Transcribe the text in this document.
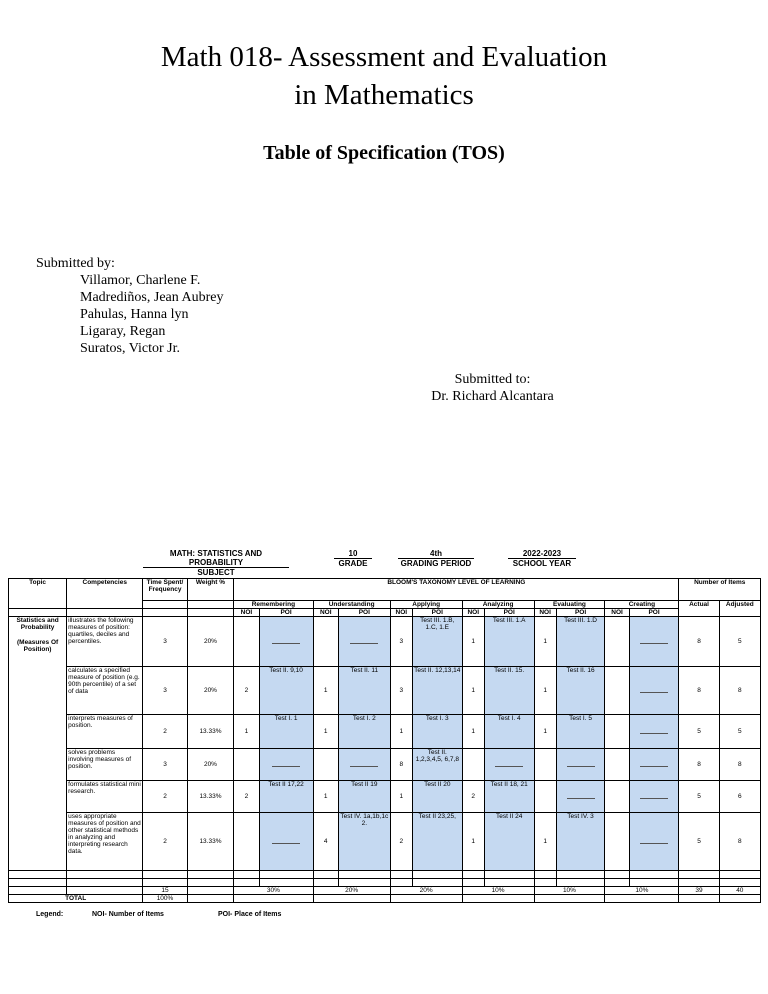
Math 018- Assessment and Evaluation
in Mathematics
Table of Specification (TOS)
Submitted by:
Villamor, Charlene F.
Madrediños, Jean Aubrey
Pahulas, Hanna lyn
Ligaray, Regan
Suratos, Victor Jr.
Submitted to:
Dr. Richard Alcantara
MATH: STATISTICS AND PROBABILITY
SUBJECT
10
GRADE
4th
GRADING PERIOD
2022-2023
SCHOOL YEAR
Topic	Competencies	Time Spent/ Frequency	Weight %	BLOOM'S TAXONOMY LEVEL OF LEARNING												Number of Items	
				Remembering		Understanding		Applying		Analyzing		Evaluating		Creating		Actual	Adjusted
				NOI	POI	NOI	POI	NOI	POI	NOI	POI	NOI	POI	NOI	POI		

Statistics and Probability
(Measures Of Position)	illustrates the following measures of position: quartiles, deciles and percentiles.	3	20%					3	Test III. 1.B, 1.C, 1.E	1	Test III. 1.A	1	Test III. 1.D			8	5
	calculates a specified measure of position (e.g. 90th percentile) of a set of data	3	20%	2	Test II. 9,10	1	Test II. 11	3	Test II. 12,13,14	1	Test II. 15.	1	Test II. 16			8	8
	interprets measures of position.	2	13.33%	1	Test I. 1	1	Test I. 2	1	Test I. 3	1	Test I. 4	1	Test I. 5			5	5
	solves problems involving measures of position.	3	20%					8	Test II. 1,2,3,4,5, 6,7,8							8	8
	formulates statistical mini research.	2	13.33%	2	Test II 17,22	1	Test II 19	1	Test II 20	2	Test II 18, 21					5	6
	uses appropriate measures of position and other statistical methods in analyzing and interpreting research data.	2	13.33%			4	Test IV. 1a,1b,1c 2.	2	Test II 23,25,	1	Test II 24	1	Test IV. 3			5	8

		15		30%		20%		20%		10%		10%		10%		39	40
TOTAL		100%															
Legend:	NOI- Number of Items	POI- Place of Items
